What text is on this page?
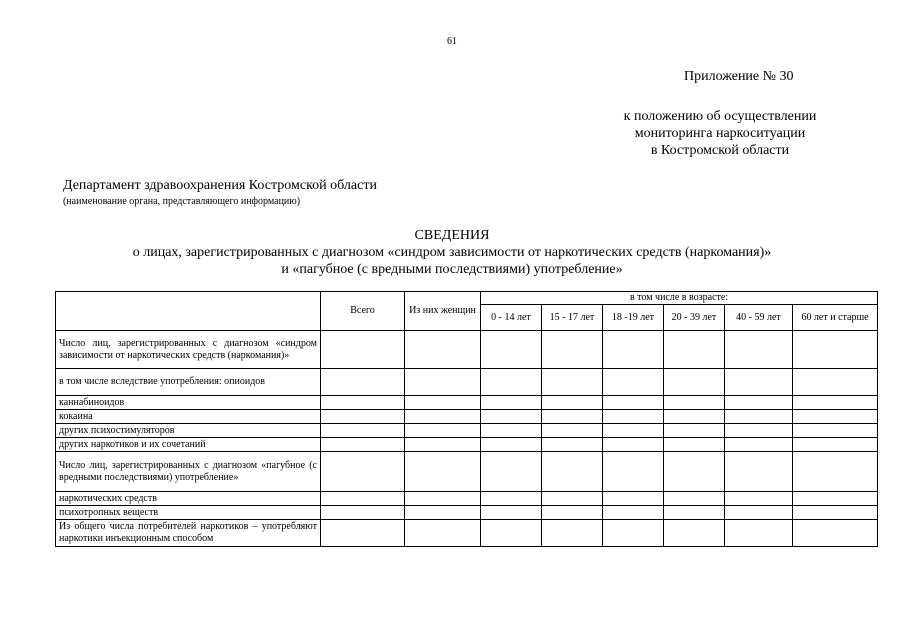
61
Приложение № 30
к положению об осуществлении
мониторинга наркоситуации
в Костромской области
Департамент здравоохранения Костромской области
(наименование органа, представляющего информацию)
СВЕДЕНИЯ
о лицах, зарегистрированных с диагнозом «синдром зависимости от наркотических средств (наркомания)»
и «пагубное (с вредными последствиями) употребление»
	Всего	Из них женщин	в том числе в возрасте:					
			0 - 14 лет	15 - 17 лет	18 -19 лет	20 - 39 лет	40 - 59 лет	60 лет и старше
Число лиц, зарегистрированных с диагнозом «синдром зависимости от наркотических средств (наркомания)»								
в том числе вследствие употребления: опиоидов								
каннабиноидов								
кокаина								
других психостимуляторов								
других наркотиков и их сочетаний								
Число лиц, зарегистрированных с диагнозом «пагубное (с вредными последствиями) употребление»								
наркотических средств								
психотропных веществ								
Из общего числа потребителей наркотиков – употребляют наркотики инъекционным способом								
